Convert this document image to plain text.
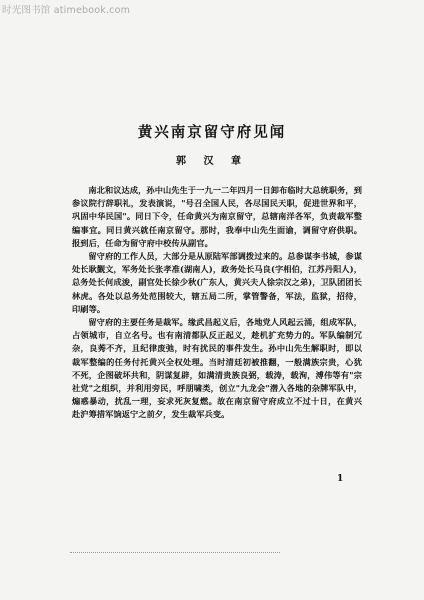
时光图书馆 atimebook.com
黄兴南京留守府见闻
郭 汉 章

南北和议达成，孙中山先生于一九一二年四月一日卸布临时大总统职务，到参议院行辞职礼，发表演说，"号召全国人民，各尽国民天职，促进世界和平，巩固中华民国"。同日下令，任命黄兴为南京留守，总辖南洋各军，负责裁军整编事宜。同日黄兴就任南京留守。那时，我奉中山先生面谕，调留守府供职。报到后，任命为留守府中校传从副官。

留守府的工作人员，大部分是从原陆军部调拨过来的。总参谋李书城，参谋处长耿觐文，军务处长张孝准(湖南人)，政务处长马良(字相伯，江苏丹阳人)，总务处长何成浚，副官处长徐少秋(广东人，黄兴夫人徐宗汉之弟)，卫队团团长林虎。各处以总务处范围较大，辖五局二所，掌管警备，军法，监狱，招待，印刷等。

留守府的主要任务是裁军。缘武昌起义后，各地党人风起云涌，组成军队，占领城市，自立名号。也有南清都队反正起义，趁机扩充势力的。军队编制冗杂，良莠不齐，且纪律废弛，时有扰民的事件发生。孙中山先生解职时，即以裁军整编的任务付托黄兴全权处理。当时清廷初被推翻，一般满族宗贵，心犹不死，企图破坏共和，阴谋复辟，如满清贵族良弼，载涛，载洵，溥伟等有"宗社党"之组织，并利用旁民，呼朋啸类，创立"九龙会"潜入各地的杂牌军队中，煽惑暴动，扰乱一理，妄求死灰复燃。故在南京留守府成立不过十日，在黄兴赴沪筹措军饷返宁之前夕，发生裁军兵变。

1
